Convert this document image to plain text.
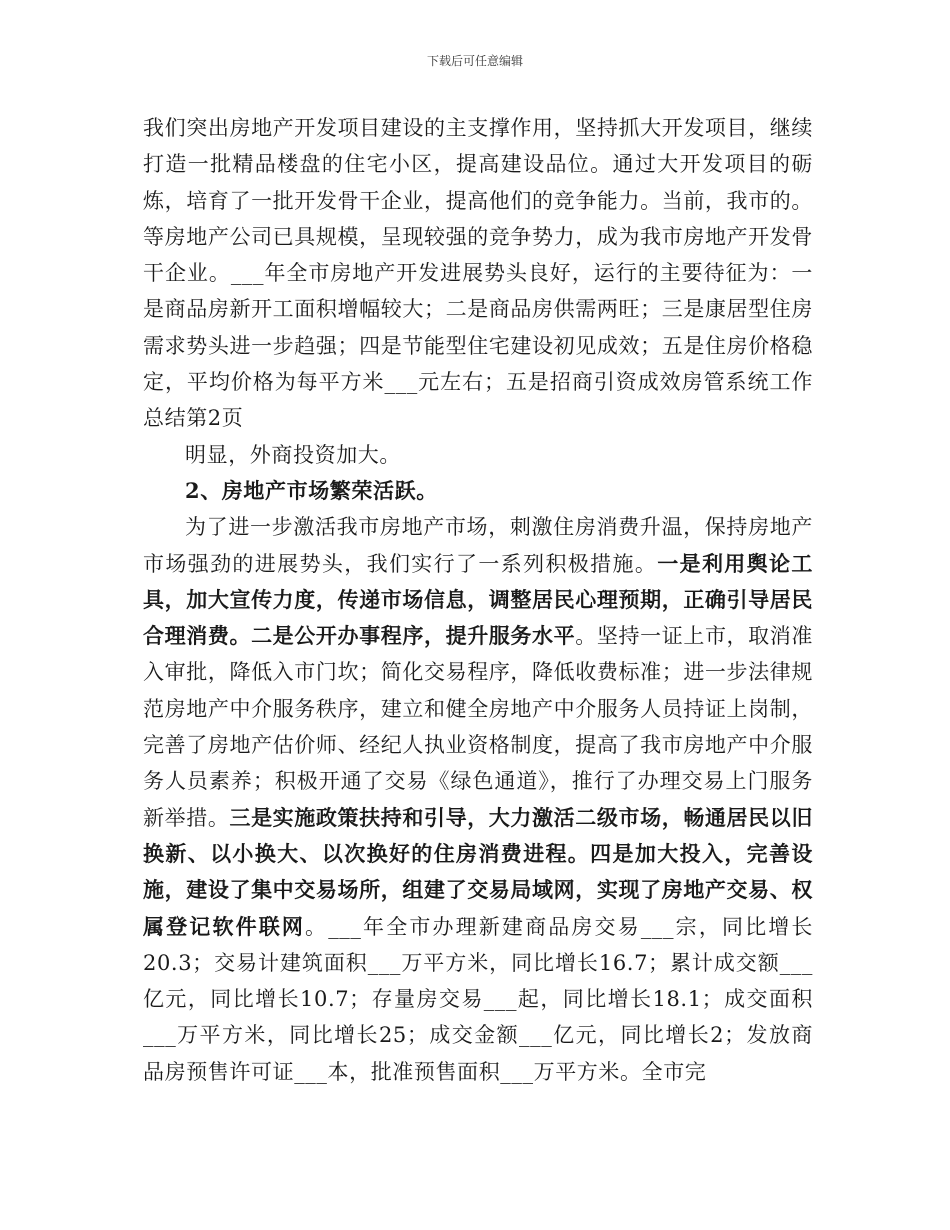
下载后可任意编辑

我们突出房地产开发项目建设的主支撑作用，坚持抓大开发项目，继续打造一批精品楼盘的住宅小区，提高建设品位。通过大开发项目的砺炼，培育了一批开发骨干企业，提高他们的竞争能力。当前，我市的。等房地产公司已具规模，呈现较强的竞争势力，成为我市房地产开发骨干企业。___年全市房地产开发进展势头良好，运行的主要待征为：一是商品房新开工面积增幅较大；二是商品房供需两旺；三是康居型住房需求势头进一步趋强；四是节能型住宅建设初见成效；五是住房价格稳定，平均价格为每平方米___元左右；五是招商引资成效房管系统工作总结第2页

明显，外商投资加大。

2、房地产市场繁荣活跃。

为了进一步激活我市房地产市场，刺激住房消费升温，保持房地产市场强劲的进展势头，我们实行了一系列积极措施。一是利用舆论工具，加大宣传力度，传递市场信息，调整居民心理预期，正确引导居民合理消费。二是公开办事程序，提升服务水平。坚持一证上市，取消准入审批，降低入市门坎；简化交易程序，降低收费标准；进一步法律规范房地产中介服务秩序，建立和健全房地产中介服务人员持证上岗制，完善了房地产估价师、经纪人执业资格制度，提高了我市房地产中介服务人员素养；积极开通了交易《绿色通道》，推行了办理交易上门服务新举措。三是实施政策扶持和引导，大力激活二级市场，畅通居民以旧换新、以小换大、以次换好的住房消费进程。四是加大投入，完善设施，建设了集中交易场所，组建了交易局域网，实现了房地产交易、权属登记软件联网。___年全市办理新建商品房交易___宗，同比增长20.3；交易计建筑面积___万平方米，同比增长16.7；累计成交额___亿元，同比增长10.7；存量房交易___起，同比增长18.1；成交面积___万平方米，同比增长25；成交金额___亿元，同比增长2；发放商品房预售许可证___本，批准预售面积___万平方米。全市完
